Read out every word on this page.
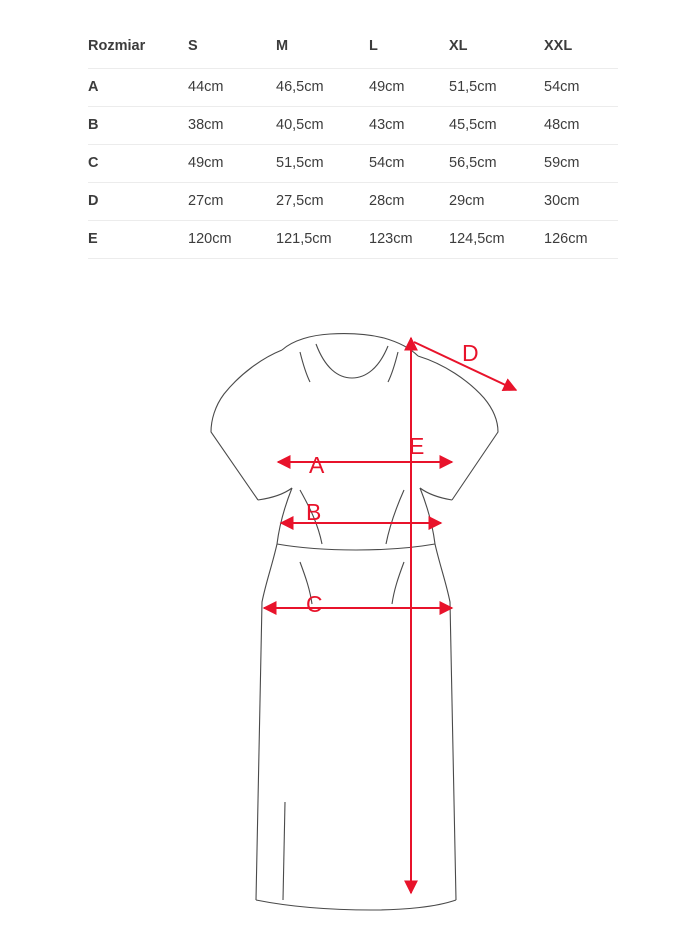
Rozmiar	S	M	L	XL	XXL
A	44cm	46,5cm	49cm	51,5cm	54cm
B	38cm	40,5cm	43cm	45,5cm	48cm
C	49cm	51,5cm	54cm	56,5cm	59cm
D	27cm	27,5cm	28cm	29cm	30cm
E	120cm	121,5cm	123cm	124,5cm	126cm
D
E
A
B
C
